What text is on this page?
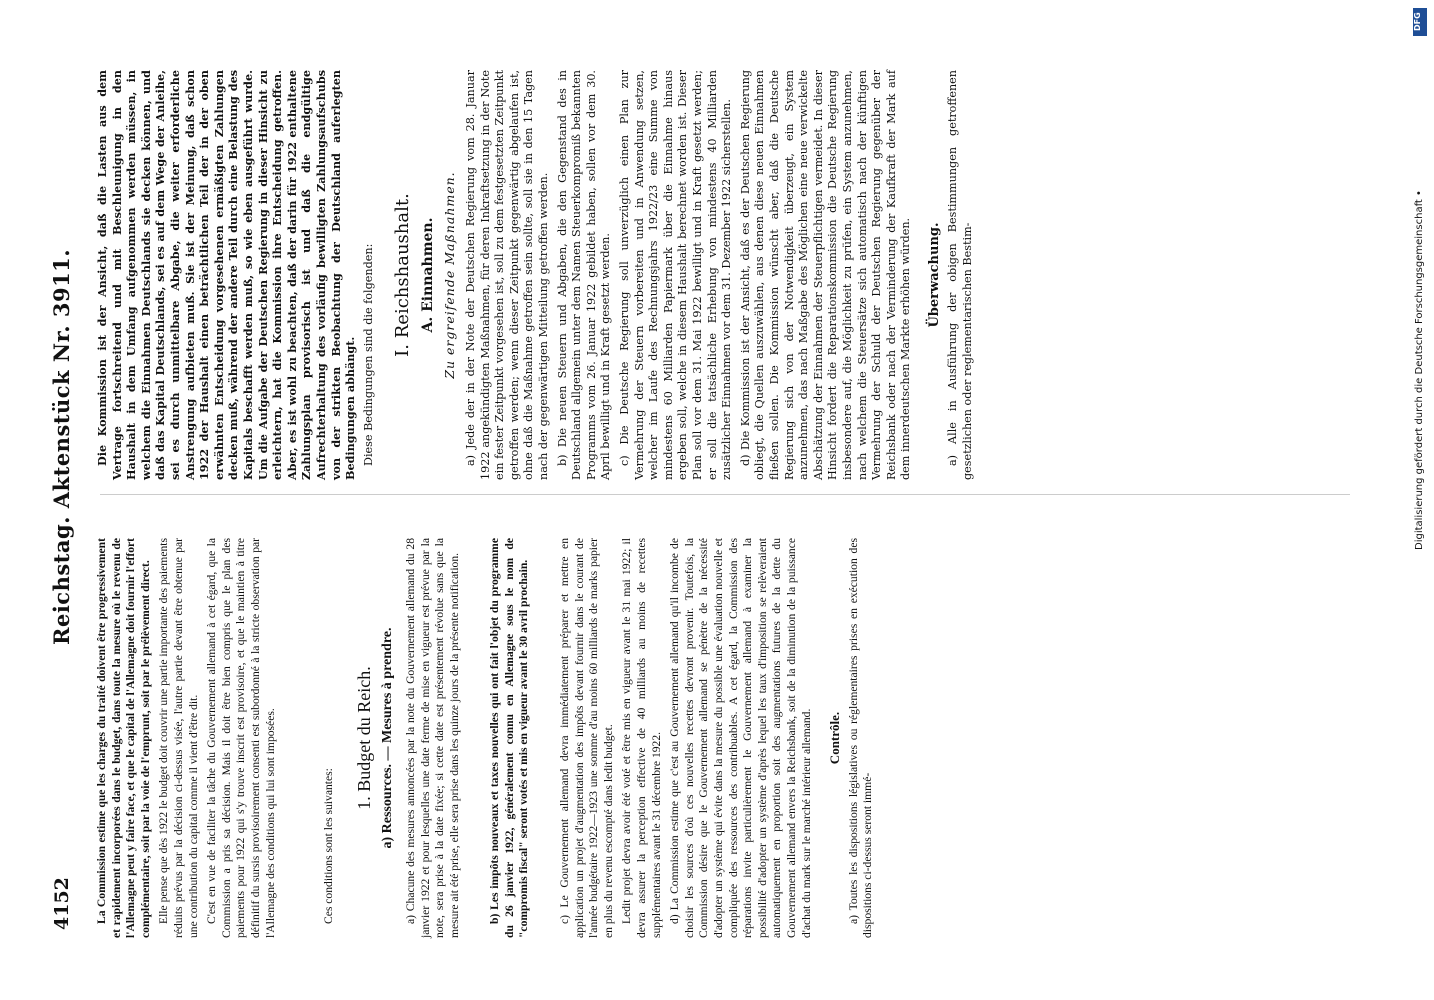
DFG
Digitalisierung gefördert durch die Deutsche Forschungsgemeinschaft •
4152
Reichstag. Aktenstück Nr. 3911.

La Commission estime que les charges du traité doivent être progressivement et rapidement incorporées dans le budget, dans toute la mesure où le revenu de l'Allemagne peut y faire face, et que le capital de l'Allemagne doit fournir l'effort complémentaire, soit par la voie de l'emprunt, soit par le prélèvement direct. Elle pense que dès 1922 le budget doit couvrir une partie importante des paiements réduits prévus par la décision ci-dessus visée, l'autre partie devant être obtenue par une contribution du capital comme il vient d'être dit. C'est en vue de faciliter la tâche du Gouvernement allemand à cet égard, que la Commission a pris sa décision. Mais il doit être bien compris que le plan des paiements pour 1922 qui s'y trouve inscrit est provisoire, et que le maintien à titre définitif du sursis provisoirement consenti est subordonné à la stricte observation par l'Allemagne des conditions qui lui sont imposées.	Ces conditions sont les suivantes:

1. Budget du Reich. a) Ressources. — Mesures à prendre. a) Chacune des mesures annoncées par la note du Gouvernement allemand du 28 janvier 1922 et pour lesquelles une date ferme de mise en vigueur est prévue par la note, sera prise à la date fixée; si cette date est présentement révolue sans que la mesure ait été prise, elle sera prise dans les quinze jours de la présente notification. b) Les impôts nouveaux et taxes nouvelles qui ont fait l'objet du programme du 26 janvier 1922, généralement connu en Allemagne sous le nom de "compromis fiscal" seront votés et mis en vigueur avant le 30 avril prochain. c) Le Gouvernement allemand devra immédiatement préparer et mettre en application un projet d'augmentation des impôts devant fournir dans le courant de l'année budgétaire 1922—1923 une somme d'au moins 60 milliards de marks papier en plus du revenu escompté dans ledit budget. Ledit projet devra avoir été voté et être mis en vigueur avant le 31 mai 1922; il devra assurer la perception effective de 40 milliards au moins de recettes supplémentaires avant le 31 décembre 1922. d) La Commission estime que c'est au Gouvernement allemand qu'il incombe de choisir les sources d'où ces nouvelles recettes devront provenir. Toutefois, la Commission désire que le Gouvernement allemand se pénètre de la nécessité d'adopter un système qui évite dans la mesure du possible une évaluation nouvelle et compliquée des ressources des contribuables. A cet égard, la Commission des réparations invite particulièrement le Gouvernement allemand à examiner la possibilité d'adopter un système d'après lequel les taux d'imposition se relèveraient automatiquement en proportion soit des augmentations futures de la dette du Gouvernement allemand envers la Reichsbank, soit de la diminution de la puissance d'achat du mark sur le marché intérieur allemand. Contrôle. a) Toutes les dispositions législatives ou réglementaires prises en exécution des dispositions ci-dessus seront immé-

Die Kommission ist der Ansicht, daß die Lasten aus dem Vertrage fortschreitend und mit Beschleunigung in den Haushalt in dem Umfang aufgenommen werden müssen, in welchem die Einnahmen Deutschlands sie decken können, und daß das Kapital Deutschlands, sei es auf dem Wege der Anleihe, sei es durch unmittelbare Abgabe, die weiter erforderliche Anstrengung aufbieten muß. Sie ist der Meinung, daß schon 1922 der Haushalt einen beträchtlichen Teil der in der oben erwähnten Entscheidung vorgesehenen ermäßigten Zahlungen decken muß, während der andere Teil durch eine Belastung des Kapitals beschafft werden muß, so wie eben ausgeführt wurde. Um die Aufgabe der Deutschen Regierung in dieser Hinsicht zu erleichtern, hat die Kommission ihre Entscheidung getroffen. Aber, es ist wohl zu beachten, daß der darin für 1922 enthaltene Zahlungsplan provisorisch ist und daß die endgültige Aufrechterhaltung des vorläufig bewilligten Zahlungsaufschubs von der strikten Beobachtung der Deutschland auferlegten Bedingungen abhängt. Diese Bedingungen sind die folgenden: I. Reichshaushalt. A. Einnahmen. Zu ergreifende Maßnahmen. a) Jede der in der Note der Deutschen Regierung vom 28. Januar 1922 angekündigten Maßnahmen, für deren Inkraftsetzung in der Note ein fester Zeitpunkt vorgesehen ist, soll zu dem festgesetzten Zeitpunkt getroffen werden; wenn dieser Zeitpunkt gegenwärtig abgelaufen ist, ohne daß die Maßnahme getroffen sein sollte, soll sie in den 15 Tagen nach der gegenwärtigen Mitteilung getroffen werden. b) Die neuen Steuern und Abgaben, die den Gegenstand des in Deutschland allgemein unter dem Namen Steuerkompromiß bekannten Programms vom 26. Januar 1922 gebildet haben, sollen vor dem 30. April bewilligt und in Kraft gesetzt werden. c) Die Deutsche Regierung soll unverzüglich einen Plan zur Vermehrung der Steuern vorbereiten und in Anwendung setzen, welcher im Laufe des Rechnungsjahrs 1922/23 eine Summe von mindestens 60 Milliarden Papiermark über die Einnahme hinaus ergeben soll, welche in diesem Haushalt berechnet worden ist. Dieser Plan soll vor dem 31. Mai 1922 bewilligt und in Kraft gesetzt werden; er soll die tatsächliche Erhebung von mindestens 40 Milliarden zusätzlicher Einnahmen vor dem 31. Dezember 1922 sicherstellen. d) Die Kommission ist der Ansicht, daß es der Deutschen Regierung obliegt, die Quellen auszuwählen, aus denen diese neuen Einnahmen fließen sollen. Die Kommission wünscht aber, daß die Deutsche Regierung sich von der Notwendigkeit überzeugt, ein System anzunehmen, das nach Maßgabe des Möglichen eine neue verwickelte Abschätzung der Einnahmen der Steuerpflichtigen vermeidet. In dieser Hinsicht fordert die Reparationskommission die Deutsche Regierung insbesondere auf, die Möglichkeit zu prüfen, ein System anzunehmen, nach welchem die Steuersätze sich automatisch nach der künftigen Vermehrung der Schuld der Deutschen Regierung gegenüber der Reichsbank oder nach der Verminderung der Kaufkraft der Mark auf dem innerdeutschen Markte erhöhen würden. Überwachung. a) Alle in Ausführung der obigen Bestimmungen getroffenen gesetzlichen oder reglementarischen Bestim-
